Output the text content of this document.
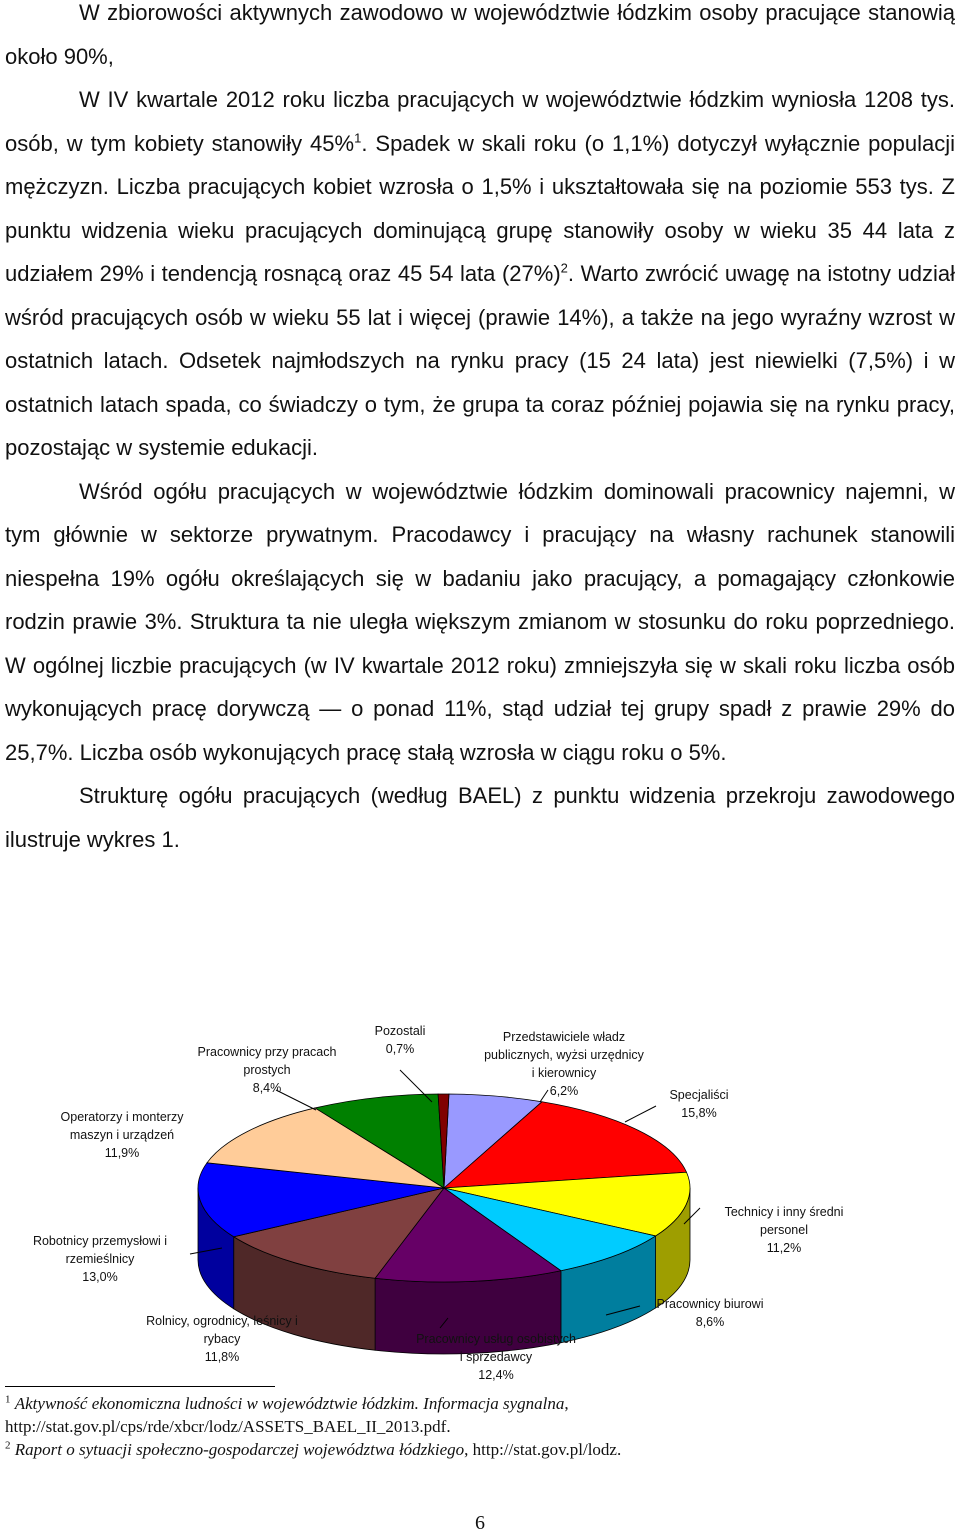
W zbiorowości aktywnych zawodowo w województwie łódzkim osoby pracujące stanowią około 90%,

W IV kwartale 2012 roku liczba pracujących w województwie łódzkim wyniosła 1208 tys. osób, w tym kobiety stanowiły 45%$^1$. Spadek w skali roku (o 1,1%) dotyczył wyłącznie populacji mężczyzn. Liczba pracujących kobiet wzrosła o 1,5% i ukształtowała się na poziomie 553 tys. Z punktu widzenia wieku pracujących dominującą grupę stanowiły osoby w wieku 35 44 lata z udziałem 29% i tendencją rosnącą oraz 45 54 lata $(27\%)^2$. Warto zwrócić uwagę na istotny udział wśród pracujących osób w wieku 55 lat i więcej (prawie 14%), a także na jego wyraźny wzrost w ostatnich latach. Odsetek najmłodszych na rynku pracy (15 24 lata) jest niewielki (7,5%) i w ostatnich latach spada, co świadczy o tym, że grupa ta coraz później pojawia się na rynku pracy, pozostając w systemie edukacji.

Wśród ogółu pracujących w województwie łódzkim dominowali pracownicy najemni, w tym głównie w sektorze prywatnym. Pracodawcy i pracujący na własny rachunek stanowili niespełna 19% ogółu określających się w badaniu jako pracujący, a pomagający członkowie rodzin prawie 3%. Struktura ta nie uległa większym zmianom w stosunku do roku poprzedniego. W ogólnej liczbie pracujących (w IV kwartale 2012 roku) zmniejszyła się w skali roku liczba osób wykonujących pracę dorywczą — o ponad 11%, stąd udział tej grupy spadł z prawie 29% do 25,7%. Liczba osób wykonujących pracę stałą wzrosła w ciągu roku o 5%.

Strukturę ogółu pracujących (według BAEL) z punktu widzenia przekroju zawodowego ilustruje wykres 1.

Pozostali
0,7%
Przedstawiciele władz
publicznych, wyżsi urzędnicy
i kierownicy
6,2%
Pracownicy przy pracach
prostych
8,4%	Specjaliści
15,8%
Operatorzy i monterzy
maszyn i urządzeń
11,9%
Technicy i inny średni
personel
11,2%
Robotnicy przemysłowi i
rzemieślnicy
13,0%
Pracownicy biurowi
8,6%
Rolnicy, ogrodnicy, leśnicy i
rybacy
11,8%
Pracownicy usług osobistych
i sprzedawcy
12,4%

$^1$ Aktywność ekonomiczna ludności w województwie łódzkim. Informacja sygnalna, http://stat.gov.pl/cps/rde/xbcr/lodz/ASSETS_BAEL_II_2013.pdf.

$^2$ Raport o sytuacji społeczno-gospodarczej województwa łódzkiego, http://stat.gov.pl/lodz.

6
